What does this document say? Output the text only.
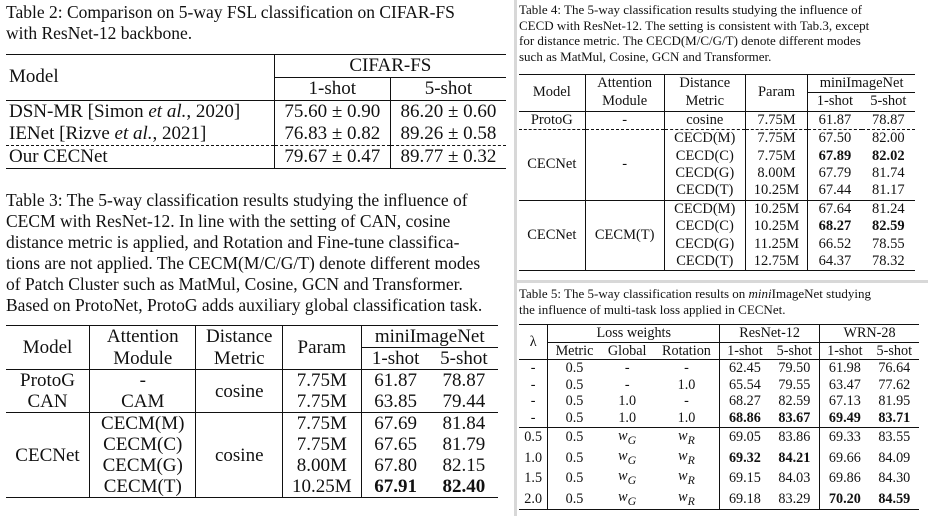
Table 2: Comparison on 5-way FSL classification on CIFAR-FS
with ResNet-12 backbone.
Model	CIFAR-FS	
	1-shot	5-shot
DSN-MR [Simon et al., 2020]	75.60 ± 0.90	86.20 ± 0.60
IENet [Rizve et al., 2021]	76.83 ± 0.82	89.26 ± 0.58
Our CECNet	79.67 ± 0.47	89.77 ± 0.32
Table 3: The 5-way classification results studying the influence of
CECM with ResNet-12. In line with the setting of CAN, cosine
distance metric is applied, and Rotation and Fine-tune classifica-
tions are not applied. The CECM(M/C/G/T) denote different modes
of Patch Cluster such as MatMul, Cosine, GCN and Transformer.
Based on ProtoNet, ProtoG adds auxiliary global classification task.
Model	Attention	Distance	Param	miniImageNet	
	Module	Metric		1-shot	5-shot
ProtoG	-	cosine	7.75M	61.87	78.87
CAN	CAM		7.75M	63.85	79.44
CECNet	CECM(M)	cosine	7.75M	67.69	81.84
	CECM(C)		7.75M	67.65	81.79
	CECM(G)		8.00M	67.80	82.15
	CECM(T)		10.25M	67.91	82.40
Table 4: The 5-way classification results studying the influence of
CECD with ResNet-12. The setting is consistent with Tab.3, except
for distance metric. The CECD(M/C/G/T) denote different modes
such as MatMul, Cosine, GCN and Transformer.
Model	Attention	Distance	Param	miniImageNet	
	Module	Metric		1-shot	5-shot
ProtoG	-	cosine	7.75M	61.87	78.87
CECNet	-	CECD(M)	7.75M	67.50	82.00
		CECD(C)	7.75M	67.89	82.02
		CECD(G)	8.00M	67.79	81.74
		CECD(T)	10.25M	67.44	81.17
CECNet	CECM(T)	CECD(M)	10.25M	67.64	81.24
		CECD(C)	10.25M	68.27	82.59
		CECD(G)	11.25M	66.52	78.55
		CECD(T)	12.75M	64.37	78.32
Table 5: The 5-way classification results on miniImageNet studying
the influence of multi-task loss applied in CECNet.
λ	Loss weights			ResNet-12		WRN-28	
	Metric	Global	Rotation	1-shot	5-shot	1-shot	5-shot
-	0.5	-	-	62.45	79.50	61.98	76.64
-	0.5	-	1.0	65.54	79.55	63.47	77.62
-	0.5	1.0	-	68.27	82.59	67.13	81.95
-	0.5	1.0	1.0	68.86	83.67	69.49	83.71
0.5	0.5	$w_G$	$w_R$	69.05	83.86	69.33	83.55
1.0	0.5	$w_G$	$w_R$	69.32	84.21	69.66	84.09
1.5	0.5	$w_G$	$w_R$	69.15	84.03	69.86	84.30
2.0	0.5	$w_G$	$w_R$	69.18	83.29	70.20	84.59
